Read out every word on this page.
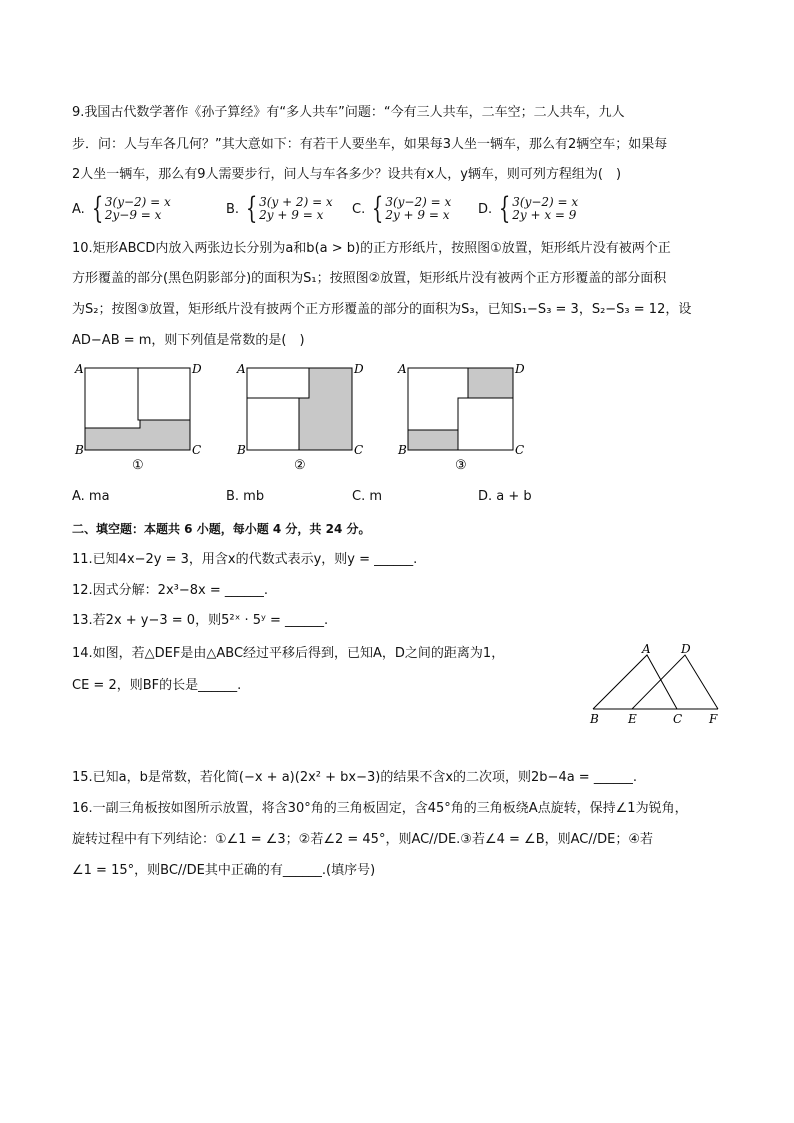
9.我国古代数学著作《孙子算经》有“多人共车”问题：“今有三人共车，二车空；二人共车，九人
步．问：人与车各几何？”其大意如下：有若干人要坐车，如果每3人坐一辆车，那么有2辆空车；如果每
2人坐一辆车，那么有9人需要步行，问人与车各多少？设共有x人，y辆车，则可列方程组为(　)
A. { 3(y−2) = x
2y−9 = x	B. { 3(y + 2) = x
2y + 9 = x	C. { 3(y−2) = x
2y + 9 = x D. { 3(y−2) = x
2y + x = 9
10.矩形ABCD内放入两张边长分别为a和b(a > b)的正方形纸片，按照图①放置，矩形纸片没有被两个正
方形覆盖的部分(黑色阴影部分)的面积为S₁；按照图②放置，矩形纸片没有被两个正方形覆盖的部分面积
为S₂；按图③放置，矩形纸片没有披两个正方形覆盖的部分的面积为S₃，已知S₁−S₃ = 3，S₂−S₃ = 12，设
AD−AB = m，则下列值是常数的是(　)
A	D
B	C
①
A	D
B	C
②
A	D
B	C
③
A. ma	B. mb	C. m	D. a + b
二、填空题：本题共 6 小题，每小题 4 分，共 24 分。
11.已知4x−2y = 3，用含x的代数式表示y，则y = ______.
12.因式分解：2x³−8x = ______.
13.若2x + y−3 = 0，则5²ˣ · 5ʸ = ______.
14.如图，若△DEF是由△ABC经过平移后得到，已知A，D之间的距离为1，
CE = 2，则BF的长是______.
A	D
B E	C F
15.已知a，b是常数，若化简(−x + a)(2x² + bx−3)的结果不含x的二次项，则2b−4a = ______.
16.一副三角板按如图所示放置，将含30°角的三角板固定，含45°角的三角板绕A点旋转，保持∠1为锐角，
旋转过程中有下列结论：①∠1 = ∠3；②若∠2 = 45°，则AC//DE.③若∠4 = ∠B，则AC//DE；④若
∠1 = 15°，则BC//DE其中正确的有______.(填序号)
